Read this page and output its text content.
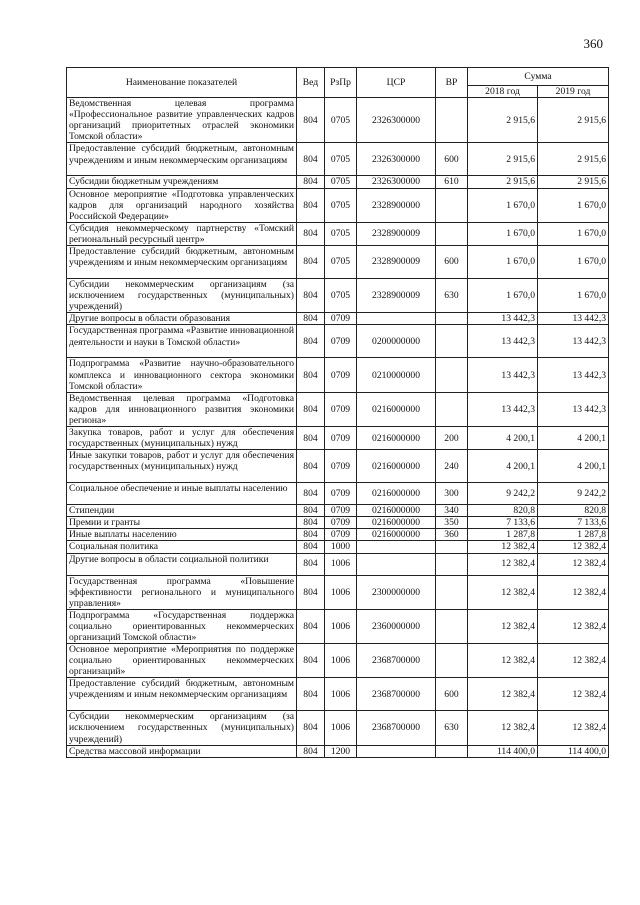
360
Наименование показателей	Вед	РзПр	ЦСР	ВР	Сумма	
					2018 год	2019 год
Ведомственная целевая программа «Профессиональное развитие управленческих кадров организаций приоритетных отраслей экономики Томской области»	804	0705	2326300000		2 915,6	2 915,6
Предоставление субсидий бюджетным, автономным учреждениям и иным некоммерческим организациям	804	0705	2326300000	600	2 915,6	2 915,6
Субсидии бюджетным учреждениям	804	0705	2326300000	610	2 915,6	2 915,6
Основное мероприятие «Подготовка управленческих кадров для организаций народного хозяйства Российской Федерации»	804	0705	2328900000		1 670,0	1 670,0
Субсидия некоммерческому партнерству «Томский региональный ресурсный центр»	804	0705	2328900009		1 670,0	1 670,0
Предоставление субсидий бюджетным, автономным учреждениям и иным некоммерческим организациям	804	0705	2328900009	600	1 670,0	1 670,0
Субсидии некоммерческим организациям (за исключением государственных (муниципальных) учреждений)	804	0705	2328900009	630	1 670,0	1 670,0
Другие вопросы в области образования	804	0709			13 442,3	13 442,3
Государственная программа «Развитие инновационной деятельности и науки в Томской области»	804	0709	0200000000		13 442,3	13 442,3
Подпрограмма «Развитие научно-образовательного комплекса и инновационного сектора экономики Томской области»	804	0709	0210000000		13 442,3	13 442,3
Ведомственная целевая программа «Подготовка кадров для инновационного развития экономики региона»	804	0709	0216000000		13 442,3	13 442,3
Закупка товаров, работ и услуг для обеспечения государственных (муниципальных) нужд	804	0709	0216000000	200	4 200,1	4 200,1
Иные закупки товаров, работ и услуг для обеспечения государственных (муниципальных) нужд	804	0709	0216000000	240	4 200,1	4 200,1
Социальное обеспечение и иные выплаты населению	804	0709	0216000000	300	9 242,2	9 242,2
Стипендии	804	0709	0216000000	340	820,8	820,8
Премии и гранты	804	0709	0216000000	350	7 133,6	7 133,6
Иные выплаты населению	804	0709	0216000000	360	1 287,8	1 287,8
Социальная политика	804	1000			12 382,4	12 382,4
Другие вопросы в области социальной политики	804	1006			12 382,4	12 382,4
Государственная программа «Повышение эффективности регионального и муниципального управления»	804	1006	2300000000		12 382,4	12 382,4
Подпрограмма «Государственная поддержка социально ориентированных некоммерческих организаций Томской области»	804	1006	2360000000		12 382,4	12 382,4
Основное мероприятие «Мероприятия по поддержке социально ориентированных некоммерческих организаций»	804	1006	2368700000		12 382,4	12 382,4
Предоставление субсидий бюджетным, автономным учреждениям и иным некоммерческим организациям	804	1006	2368700000	600	12 382,4	12 382,4
Субсидии некоммерческим организациям (за исключением государственных (муниципальных) учреждений)	804	1006	2368700000	630	12 382,4	12 382,4
Средства массовой информации	804	1200			114 400,0	114 400,0
